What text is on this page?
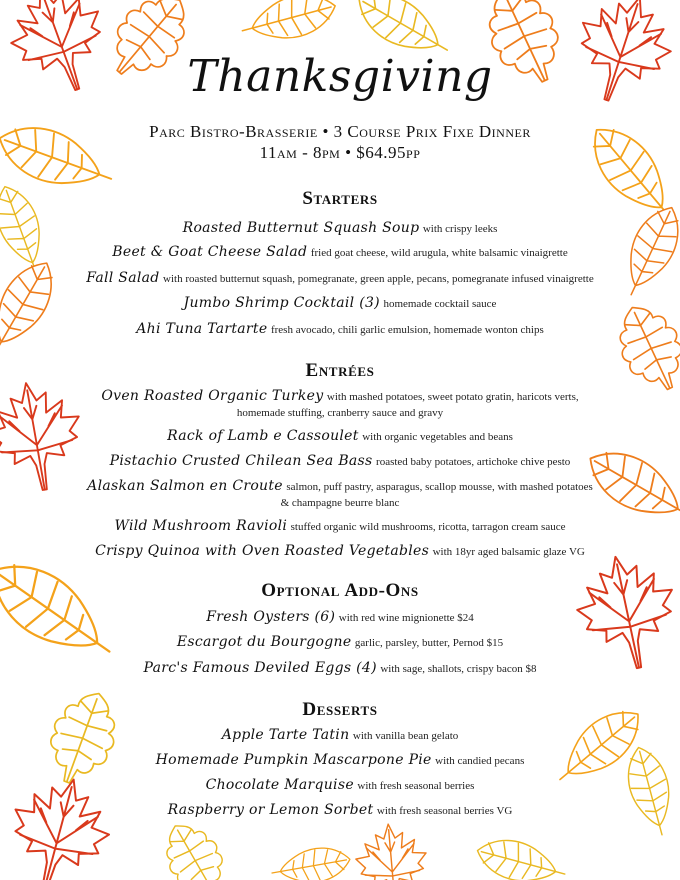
Thanksgiving
Parc Bistro-Brasserie • 3 Course Prix Fixe Dinner
11am - 8pm • $64.95pp
Starters
Roasted Butternut Squash Soup with crispy leeks
Beet & Goat Cheese Salad fried goat cheese, wild arugula, white balsamic vinaigrette
Fall Salad with roasted butternut squash, pomegranate, green apple, pecans, pomegranate infused vinaigrette
Jumbo Shrimp Cocktail (3) homemade cocktail sauce
Ahi Tuna Tartarte fresh avocado, chili garlic emulsion, homemade wonton chips
Entrées
Oven Roasted Organic Turkey with mashed potatoes, sweet potato gratin, haricots verts,
homemade stuffing, cranberry sauce and gravy
Rack of Lamb e Cassoulet with organic vegetables and beans
Pistachio Crusted Chilean Sea Bass roasted baby potatoes, artichoke chive pesto
Alaskan Salmon en Croute salmon, puff pastry, asparagus, scallop mousse, with mashed potatoes
& champagne beurre blanc
Wild Mushroom Ravioli stuffed organic wild mushrooms, ricotta, tarragon cream sauce
Crispy Quinoa with Oven Roasted Vegetables with 18yr aged balsamic glaze VG
Optional Add-Ons
Fresh Oysters (6) with red wine mignionette $24
Escargot du Bourgogne garlic, parsley, butter, Pernod $15
Parc's Famous Deviled Eggs (4) with sage, shallots, crispy bacon $8
Desserts
Apple Tarte Tatin with vanilla bean gelato
Homemade Pumpkin Mascarpone Pie with candied pecans
Chocolate Marquise with fresh seasonal berries
Raspberry or Lemon Sorbet with fresh seasonal berries VG
